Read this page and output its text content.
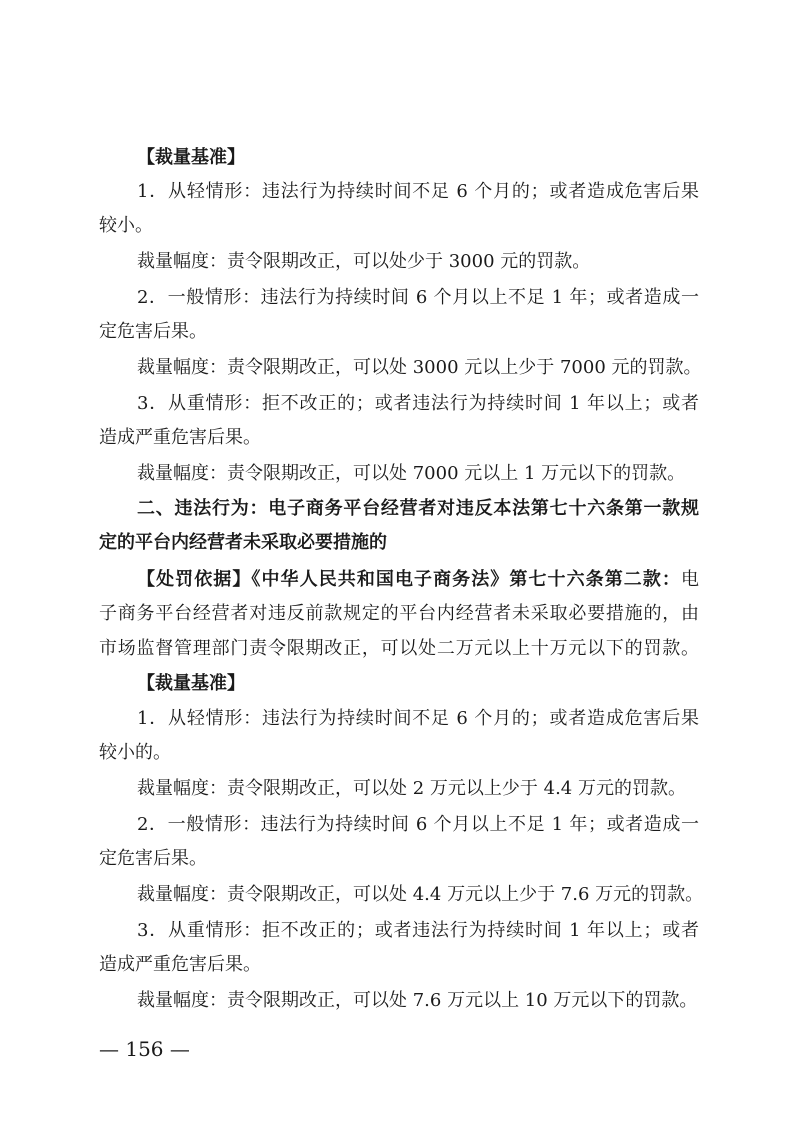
【裁量基准】
1．从轻情形：违法行为持续时间不足 6 个月的；或者造成危害后果
较小。
裁量幅度：责令限期改正，可以处少于 3000 元的罚款。
2．一般情形：违法行为持续时间 6 个月以上不足 1 年；或者造成一
定危害后果。
裁量幅度：责令限期改正，可以处 3000 元以上少于 7000 元的罚款。
3．从重情形：拒不改正的；或者违法行为持续时间 1 年以上；或者
造成严重危害后果。
裁量幅度：责令限期改正，可以处 7000 元以上 1 万元以下的罚款。
二、违法行为：电子商务平台经营者对违反本法第七十六条第一款规
定的平台内经营者未采取必要措施的
【处罚依据】《中华人民共和国电子商务法》第七十六条第二款：电
子商务平台经营者对违反前款规定的平台内经营者未采取必要措施的，由
市场监督管理部门责令限期改正，可以处二万元以上十万元以下的罚款。
【裁量基准】
1．从轻情形：违法行为持续时间不足 6 个月的；或者造成危害后果
较小的。
裁量幅度：责令限期改正，可以处 2 万元以上少于 4.4 万元的罚款。
2．一般情形：违法行为持续时间 6 个月以上不足 1 年；或者造成一
定危害后果。
裁量幅度：责令限期改正，可以处 4.4 万元以上少于 7.6 万元的罚款。
3．从重情形：拒不改正的；或者违法行为持续时间 1 年以上；或者
造成严重危害后果。
裁量幅度：责令限期改正，可以处 7.6 万元以上 10 万元以下的罚款。
— 156 —
